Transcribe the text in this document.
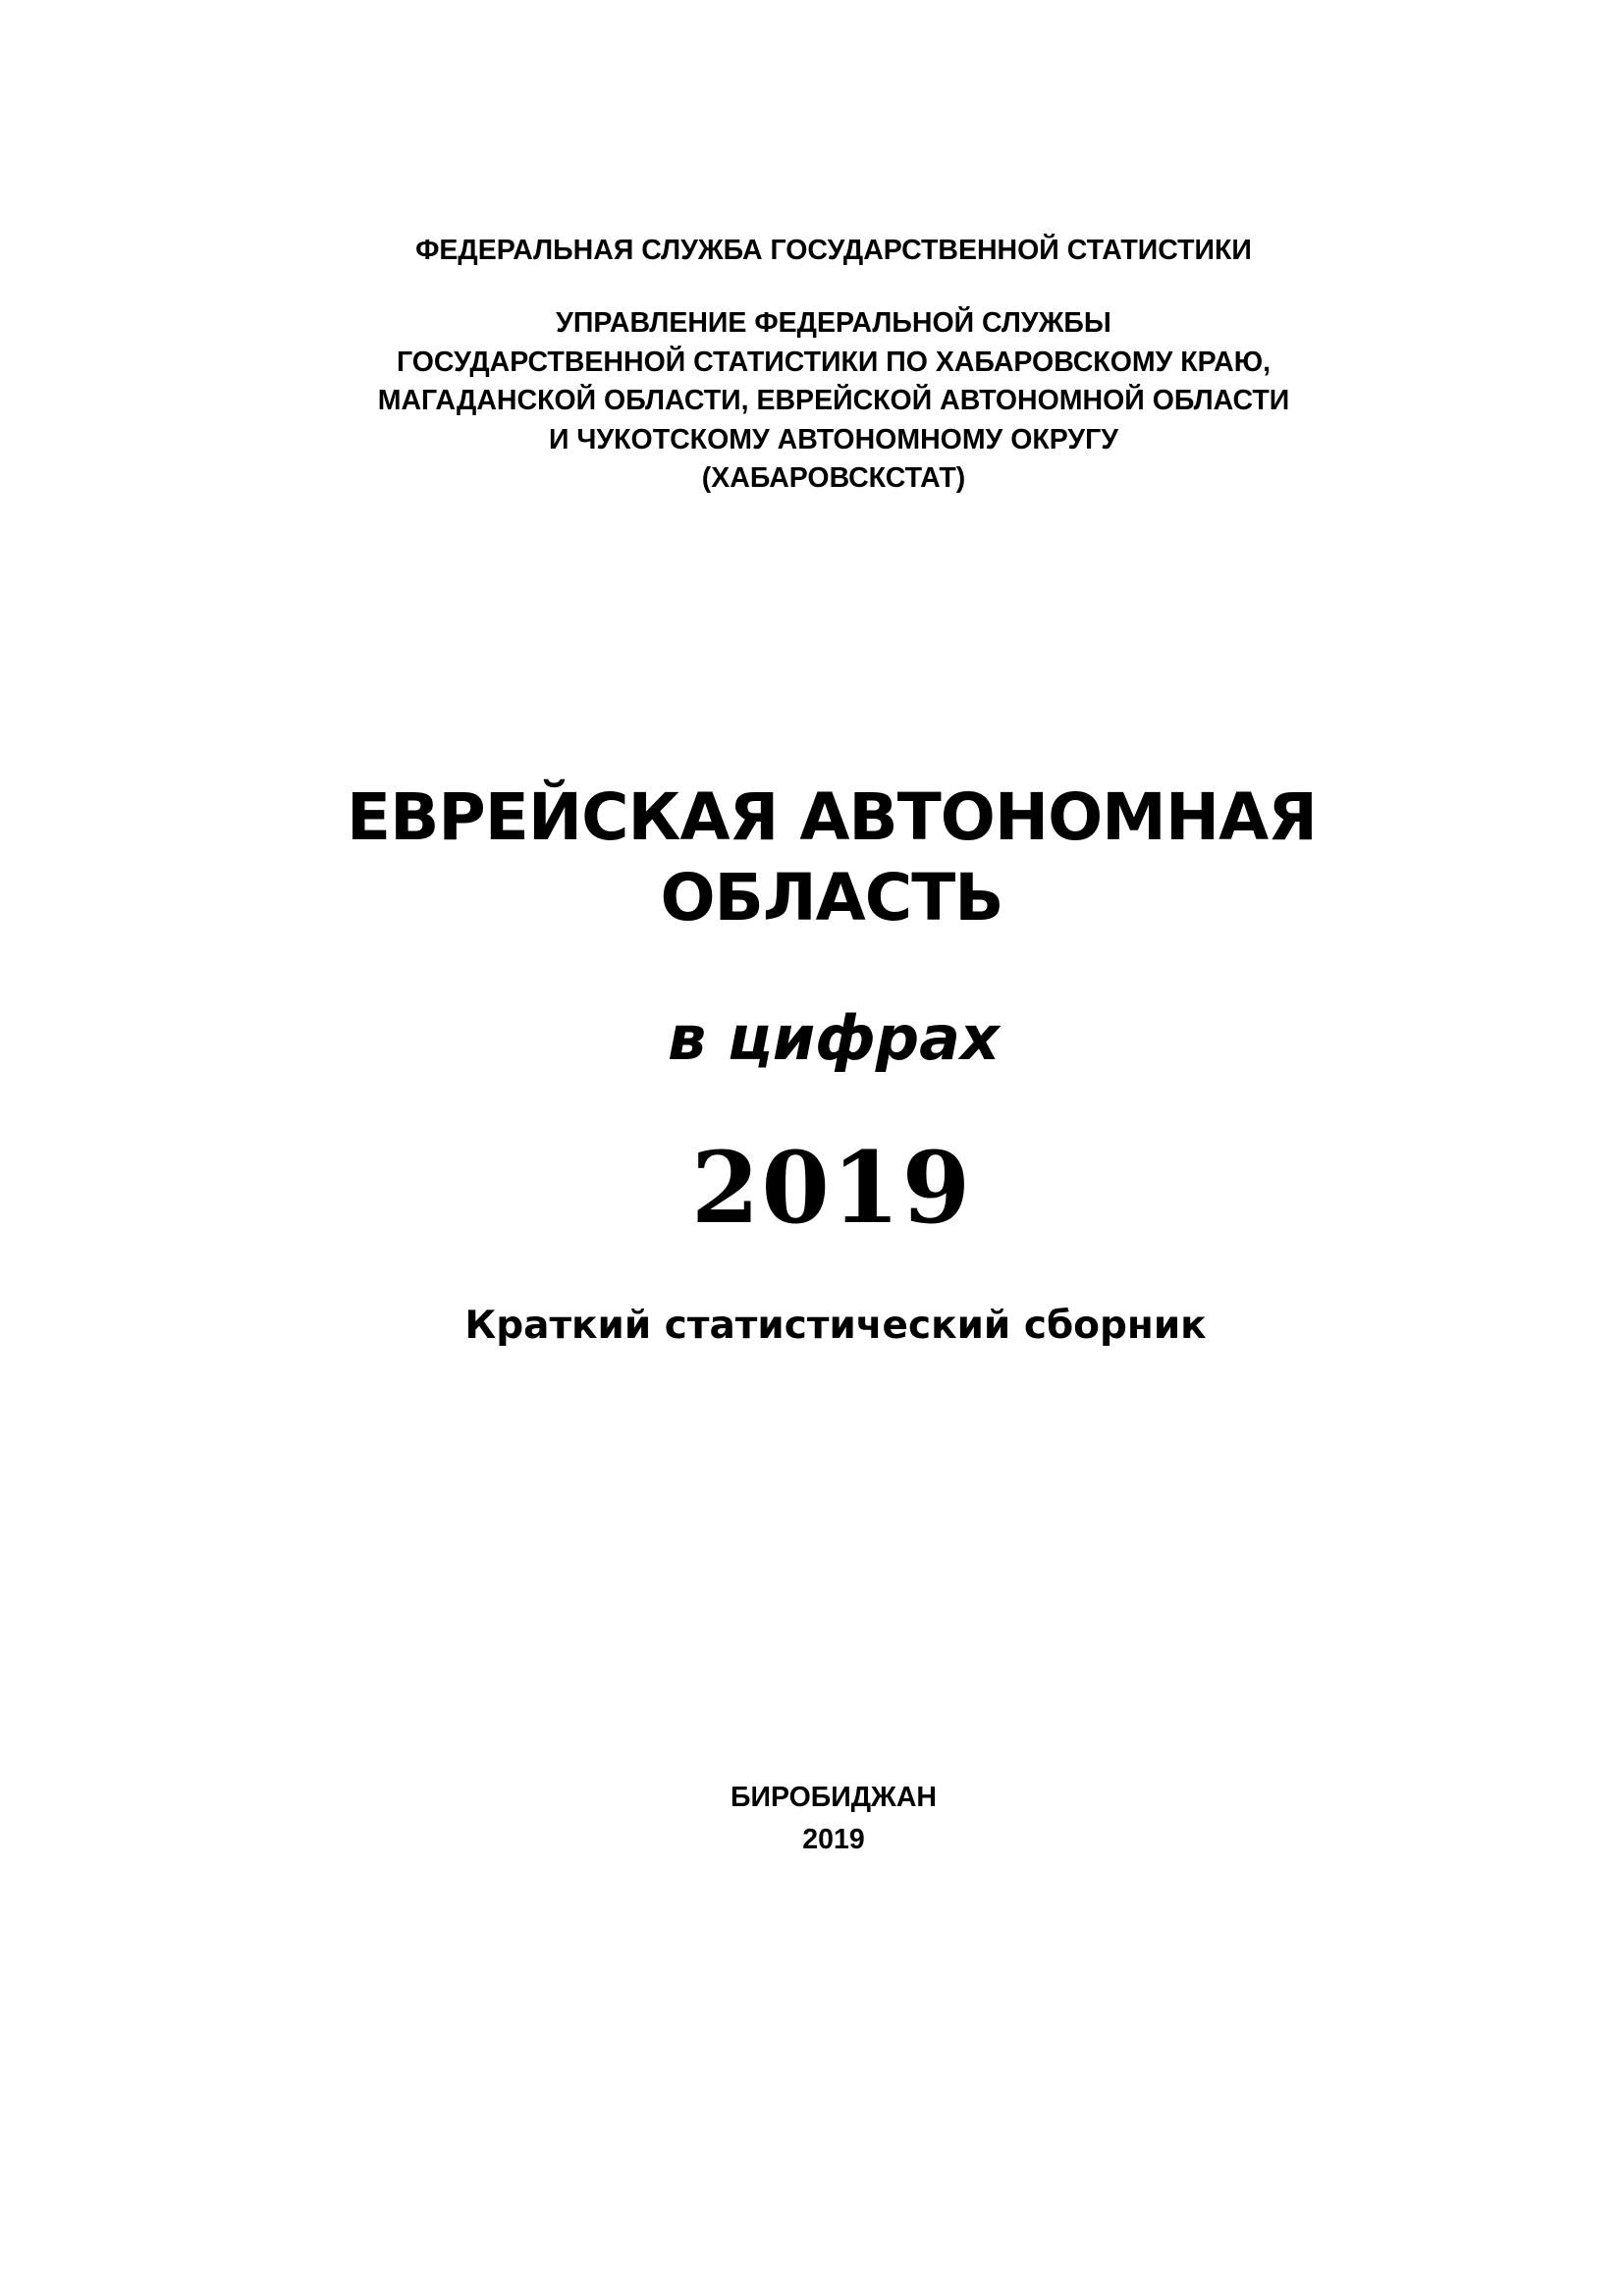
ФЕДЕРАЛЬНАЯ СЛУЖБА ГОСУДАРСТВЕННОЙ СТАТИСТИКИ
УПРАВЛЕНИЕ ФЕДЕРАЛЬНОЙ СЛУЖБЫ
ГОСУДАРСТВЕННОЙ СТАТИСТИКИ ПО ХАБАРОВСКОМУ КРАЮ,
МАГАДАНСКОЙ ОБЛАСТИ, ЕВРЕЙСКОЙ АВТОНОМНОЙ ОБЛАСТИ
И ЧУКОТСКОМУ АВТОНОМНОМУ ОКРУГУ
(ХАБАРОВСКСТАТ)
ЕВРЕЙСКАЯ АВТОНОМНАЯ
ОБЛАСТЬ
в цифрах
2019
Краткий статистический сборник
БИРОБИДЖАН
2019
